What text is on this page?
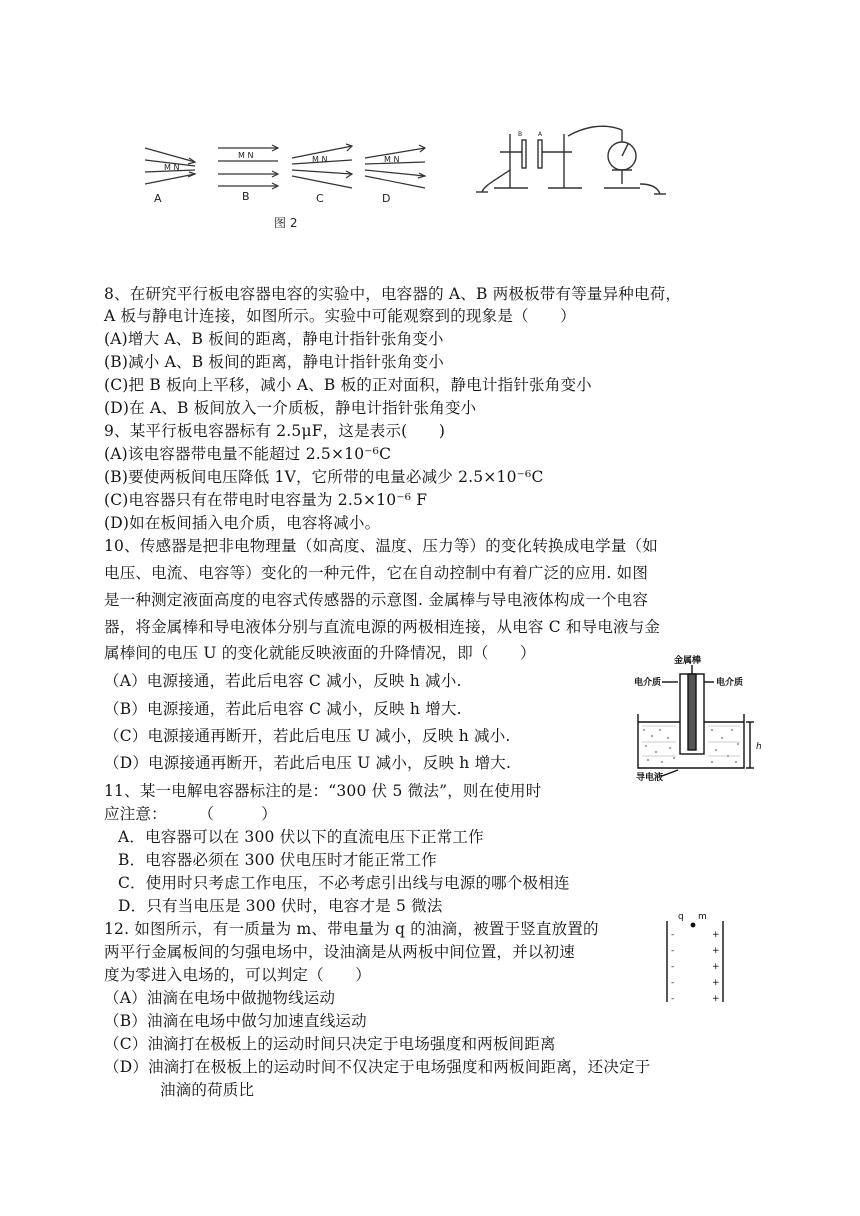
M N
M N	M N	M N
A	B	C	D
图 2
A
B
8、在研究平行板电容器电容的实验中，电容器的 A、B 两极板带有等量异种电荷，
A 板与静电计连接，如图所示。实验中可能观察到的现象是（　　）
(A)增大 A、B 板间的距离，静电计指针张角变小
(B)减小 A、B 板间的距离，静电计指针张角变小
(C)把 B 板向上平移，减小 A、B 板的正对面积，静电计指针张角变小
(D)在 A、B 板间放入一介质板，静电计指针张角变小
9、某平行板电容器标有 2.5μF，这是表示(　　)
(A)该电容器带电量不能超过 2.5×10⁻⁶C
(B)要使两板间电压降低 1V，它所带的电量必减少 2.5×10⁻⁶C
(C)电容器只有在带电时电容量为 2.5×10⁻⁶ F
(D)如在板间插入电介质，电容将减小。
10、传感器是把非电物理量（如高度、温度、压力等）的变化转换成电学量（如
电压、电流、电容等）变化的一种元件，它在自动控制中有着广泛的应用. 如图
是一种测定液面高度的电容式传感器的示意图. 金属棒与导电液体构成一个电容
器，将金属棒和导电液体分别与直流电源的两极相连接，从电容 C 和导电液与金
属棒间的电压 U 的变化就能反映液面的升降情况，即（　　）
（A）电源接通，若此后电容 C 减小，反映 h 减小.
（B）电源接通，若此后电容 C 减小，反映 h 增大.
（C）电源接通再断开，若此后电压 U 减小，反映 h 减小.
（D）电源接通再断开，若此后电压 U 减小，反映 h 增大.
11、某一电解电容器标注的是：“300 伏 5 微法”，则在使用时
应注意：　　　（　　　）
A．电容器可以在 300 伏以下的直流电压下正常工作
B．电容器必须在 300 伏电压时才能正常工作
C．使用时只考虑工作电压，不必考虑引出线与电源的哪个极相连
D．只有当电压是 300 伏时，电容才是 5 微法
12. 如图所示，有一质量为 m、带电量为 q 的油滴，被置于竖直放置的
两平行金属板间的匀强电场中，设油滴是从两板中间位置，并以初速
度为零进入电场的，可以判定（　　）
（A）油滴在电场中做抛物线运动
（B）油滴在电场中做匀加速直线运动
（C）油滴打在极板上的运动时间只决定于电场强度和两板间距离
（D）油滴打在极板上的运动时间不仅决定于电场强度和两板间距离，还决定于
油滴的荷质比
金属棒
电介质	电介质
h
导电液
q m
-
-
-
-
-
+
+
+
+
+
